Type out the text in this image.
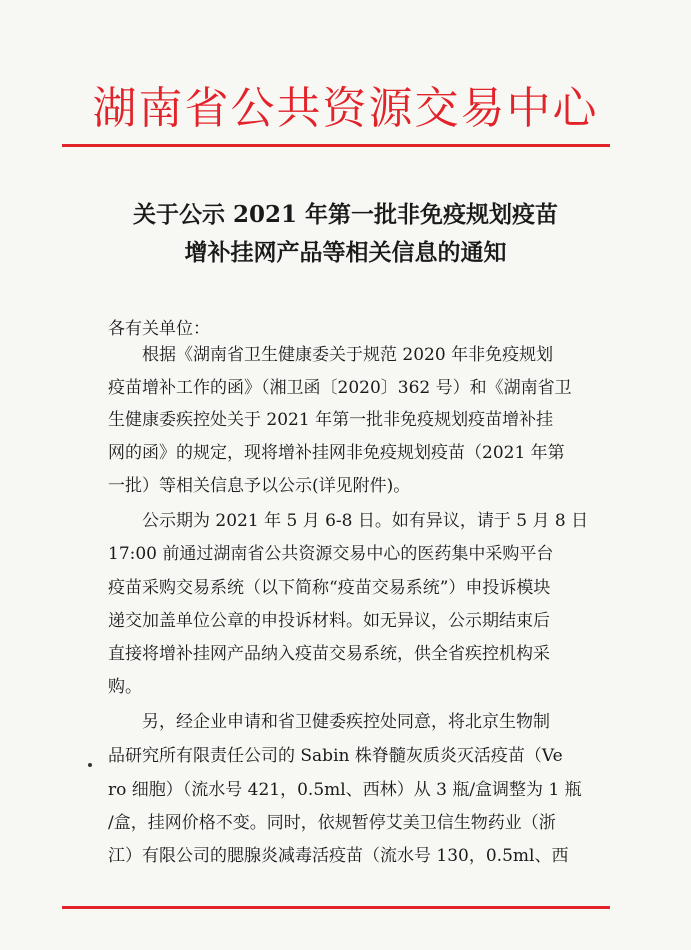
湖南省公共资源交易中心
关于公示 2021 年第一批非免疫规划疫苗
增补挂网产品等相关信息的通知
各有关单位：
根据《湖南省卫生健康委关于规范 2020 年非免疫规划
疫苗增补工作的函》（湘卫函〔2020〕362 号）和《湖南省卫
生健康委疾控处关于 2021 年第一批非免疫规划疫苗增补挂
网的函》的规定，现将增补挂网非免疫规划疫苗（2021 年第
一批）等相关信息予以公示(详见附件)。
公示期为 2021 年 5 月 6-8 日。如有异议，请于 5 月 8 日
17:00 前通过湖南省公共资源交易中心的医药集中采购平台
疫苗采购交易系统（以下简称“疫苗交易系统”）申投诉模块
递交加盖单位公章的申投诉材料。如无异议，公示期结束后
直接将增补挂网产品纳入疫苗交易系统，供全省疾控机构采
购。
另，经企业申请和省卫健委疾控处同意，将北京生物制
品研究所有限责任公司的 Sabin 株脊髓灰质炎灭活疫苗（Ve
ro 细胞）（流水号 421，0.5ml、西林）从 3 瓶/盒调整为 1 瓶
/盒，挂网价格不变。同时，依规暂停艾美卫信生物药业（浙
江）有限公司的腮腺炎减毒活疫苗（流水号 130，0.5ml、西
